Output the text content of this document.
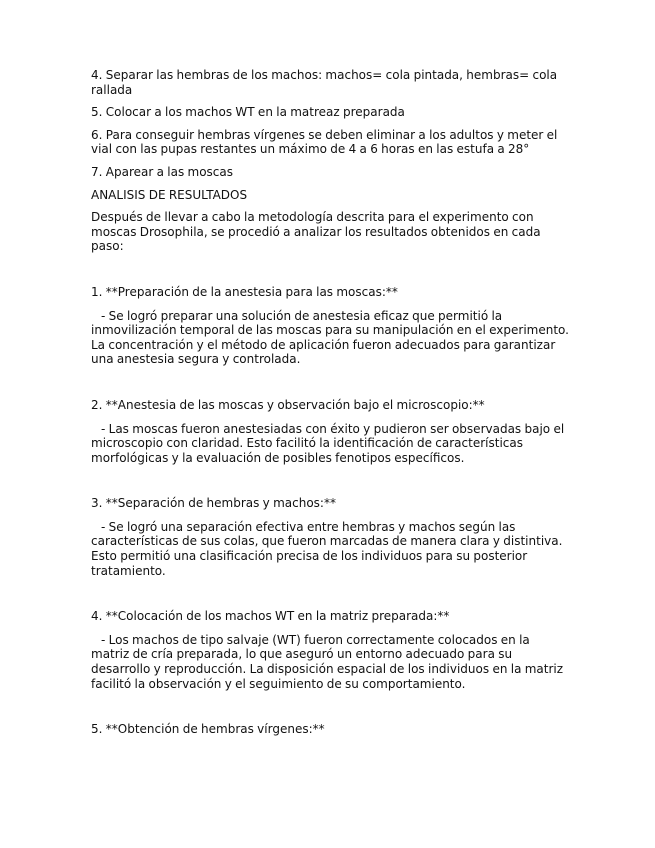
4. Separar las hembras de los machos: machos= cola pintada, hembras= cola rallada

5. Colocar a los machos WT en la matreaz preparada

6. Para conseguir hembras vírgenes se deben eliminar a los adultos y meter el vial con las pupas restantes un máximo de 4 a 6 horas en las estufa a 28°

7. Aparear a las moscas

ANALISIS DE RESULTADOS

Después de llevar a cabo la metodología descrita para el experimento con moscas Drosophila, se procedió a analizar los resultados obtenidos en cada paso:

1. **Preparación de la anestesia para las moscas:**

- Se logró preparar una solución de anestesia eficaz que permitió la inmovilización temporal de las moscas para su manipulación en el experimento. La concentración y el método de aplicación fueron adecuados para garantizar una anestesia segura y controlada.

2. **Anestesia de las moscas y observación bajo el microscopio:**

- Las moscas fueron anestesiadas con éxito y pudieron ser observadas bajo el microscopio con claridad. Esto facilitó la identificación de características morfológicas y la evaluación de posibles fenotipos específicos.

3. **Separación de hembras y machos:**

- Se logró una separación efectiva entre hembras y machos según las características de sus colas, que fueron marcadas de manera clara y distintiva. Esto permitió una clasificación precisa de los individuos para su posterior tratamiento.

4. **Colocación de los machos WT en la matriz preparada:**

- Los machos de tipo salvaje (WT) fueron correctamente colocados en la matriz de cría preparada, lo que aseguró un entorno adecuado para su desarrollo y reproducción. La disposición espacial de los individuos en la matriz facilitó la observación y el seguimiento de su comportamiento.

5. **Obtención de hembras vírgenes:**
